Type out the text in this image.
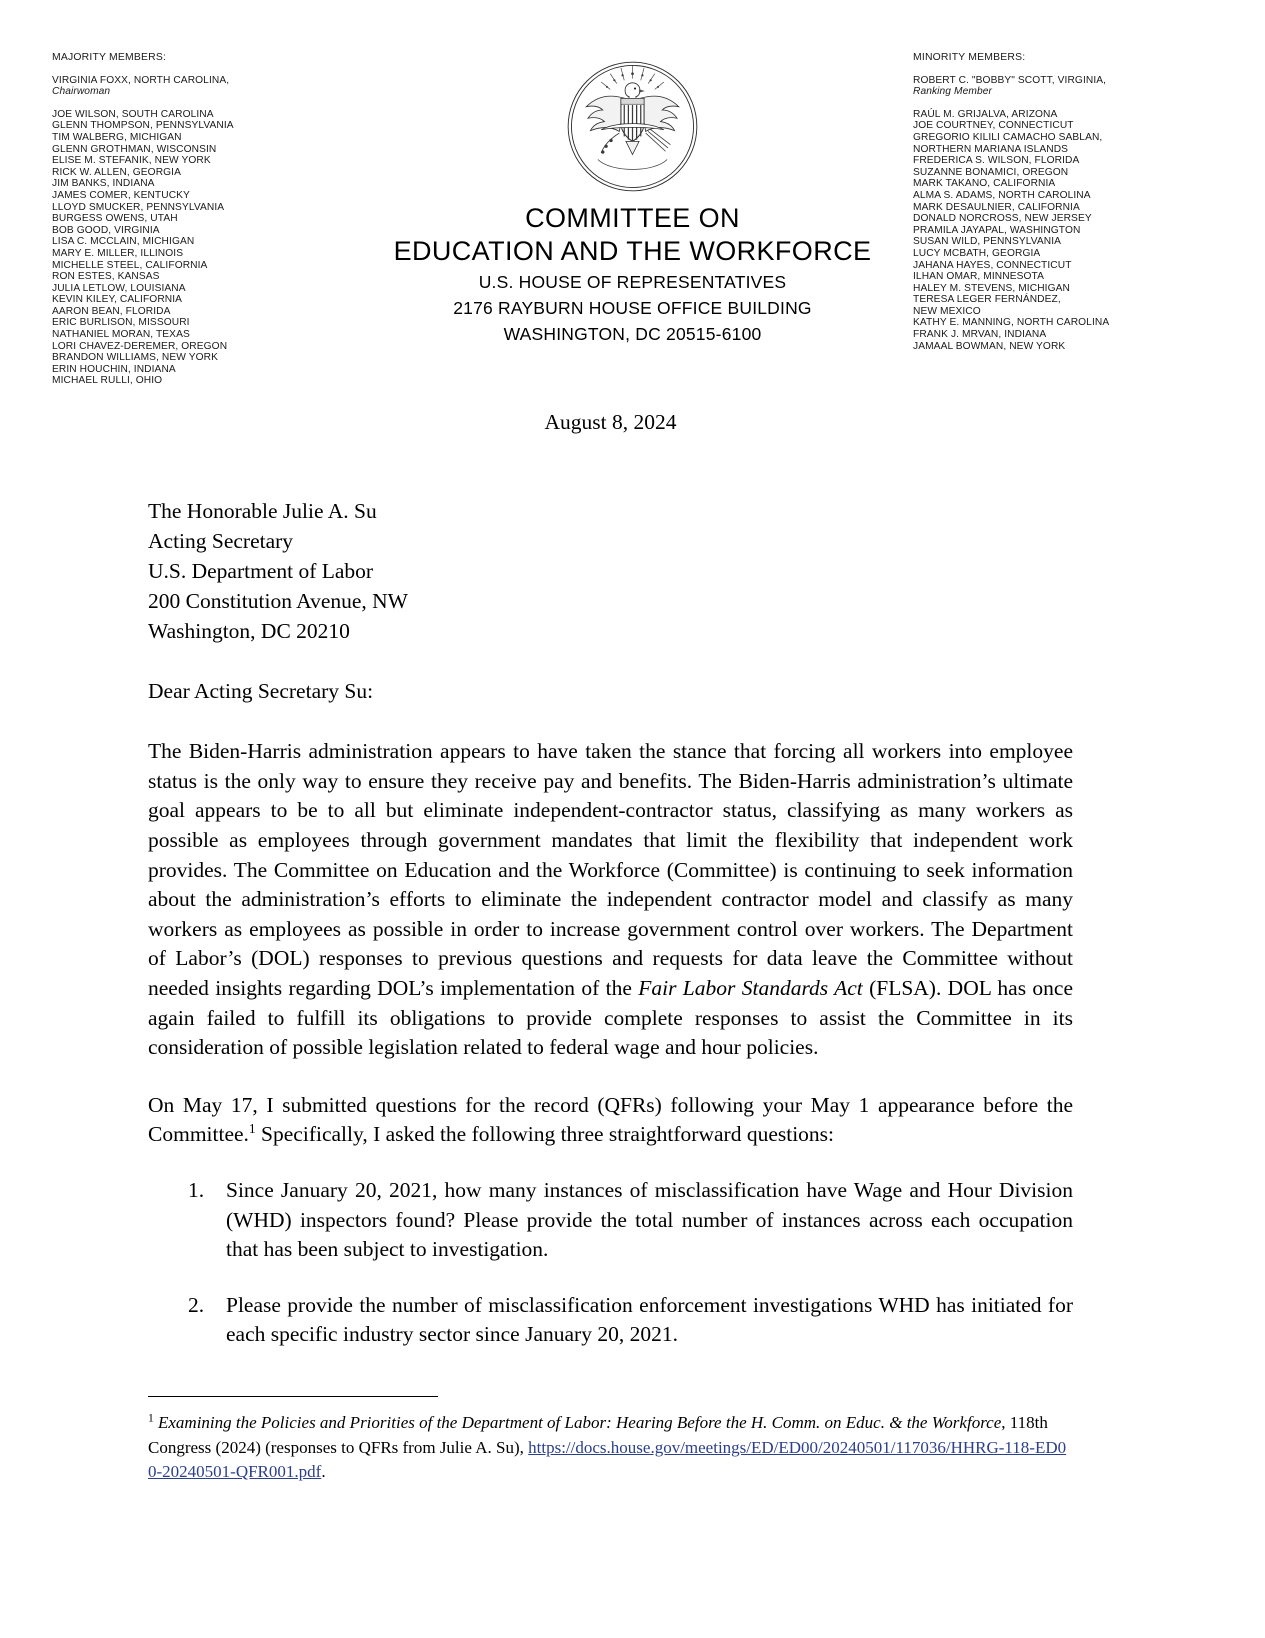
MAJORITY MEMBERS:
VIRGINIA FOXX, NORTH CAROLINA,
Chairwoman
JOE WILSON, SOUTH CAROLINA
GLENN THOMPSON, PENNSYLVANIA
TIM WALBERG, MICHIGAN
GLENN GROTHMAN, WISCONSIN
ELISE M. STEFANIK, NEW YORK
RICK W. ALLEN, GEORGIA
JIM BANKS, INDIANA
JAMES COMER, KENTUCKY
LLOYD SMUCKER, PENNSYLVANIA
BURGESS OWENS, UTAH
BOB GOOD, VIRGINIA
LISA C. MCCLAIN, MICHIGAN
MARY E. MILLER, ILLINOIS
MICHELLE STEEL, CALIFORNIA
RON ESTES, KANSAS
JULIA LETLOW, LOUISIANA
KEVIN KILEY, CALIFORNIA
AARON BEAN, FLORIDA
ERIC BURLISON, MISSOURI
NATHANIEL MORAN, TEXAS
LORI CHAVEZ-DEREMER, OREGON
BRANDON WILLIAMS, NEW YORK
ERIN HOUCHIN, INDIANA
MICHAEL RULLI, OHIO
COMMITTEE ON
EDUCATION AND THE WORKFORCE
U.S. HOUSE OF REPRESENTATIVES
2176 RAYBURN HOUSE OFFICE BUILDING
WASHINGTON, DC 20515-6100
MINORITY MEMBERS:
ROBERT C. "BOBBY" SCOTT, VIRGINIA,
Ranking Member
RAÚL M. GRIJALVA, ARIZONA
JOE COURTNEY, CONNECTICUT
GREGORIO KILILI CAMACHO SABLAN,
NORTHERN MARIANA ISLANDS
FREDERICA S. WILSON, FLORIDA
SUZANNE BONAMICI, OREGON
MARK TAKANO, CALIFORNIA
ALMA S. ADAMS, NORTH CAROLINA
MARK DESAULNIER, CALIFORNIA
DONALD NORCROSS, NEW JERSEY
PRAMILA JAYAPAL, WASHINGTON
SUSAN WILD, PENNSYLVANIA
LUCY MCBATH, GEORGIA
JAHANA HAYES, CONNECTICUT
ILHAN OMAR, MINNESOTA
HALEY M. STEVENS, MICHIGAN
TERESA LEGER FERNÁNDEZ,
NEW MEXICO
KATHY E. MANNING, NORTH CAROLINA
FRANK J. MRVAN, INDIANA
JAMAAL BOWMAN, NEW YORK
August 8, 2024
The Honorable Julie A. Su
Acting Secretary
U.S. Department of Labor
200 Constitution Avenue, NW
Washington, DC 20210
Dear Acting Secretary Su:

The Biden-Harris administration appears to have taken the stance that forcing all workers into employee status is the only way to ensure they receive pay and benefits. The Biden-Harris administration’s ultimate goal appears to be to all but eliminate independent-contractor status, classifying as many workers as possible as employees through government mandates that limit the flexibility that independent work provides. The Committee on Education and the Workforce (Committee) is continuing to seek information about the administration’s efforts to eliminate the independent contractor model and classify as many workers as employees as possible in order to increase government control over workers. The Department of Labor’s (DOL) responses to previous questions and requests for data leave the Committee without needed insights regarding DOL’s implementation of the Fair Labor Standards Act (FLSA). DOL has once again failed to fulfill its obligations to provide complete responses to assist the Committee in its consideration of possible legislation related to federal wage and hour policies.

On May 17, I submitted questions for the record (QFRs) following your May 1 appearance before the Committee.$^1$ Specifically, I asked the following three straightforward questions:

Since January 20, 2021, how many instances of misclassification have Wage and Hour Division (WHD) inspectors found? Please provide the total number of instances across each occupation that has been subject to investigation.
Please provide the number of misclassification enforcement investigations WHD has initiated for each specific industry sector since January 20, 2021.
$^1$ Examining the Policies and Priorities of the Department of Labor: Hearing Before the H. Comm. on Educ. & the Workforce, 118th Congress (2024) (responses to QFRs from Julie A. Su), https://docs.house.gov/meetings/ED/ED00/20240501/117036/HHRG-118-ED00-20240501-QFR001.pdf.
